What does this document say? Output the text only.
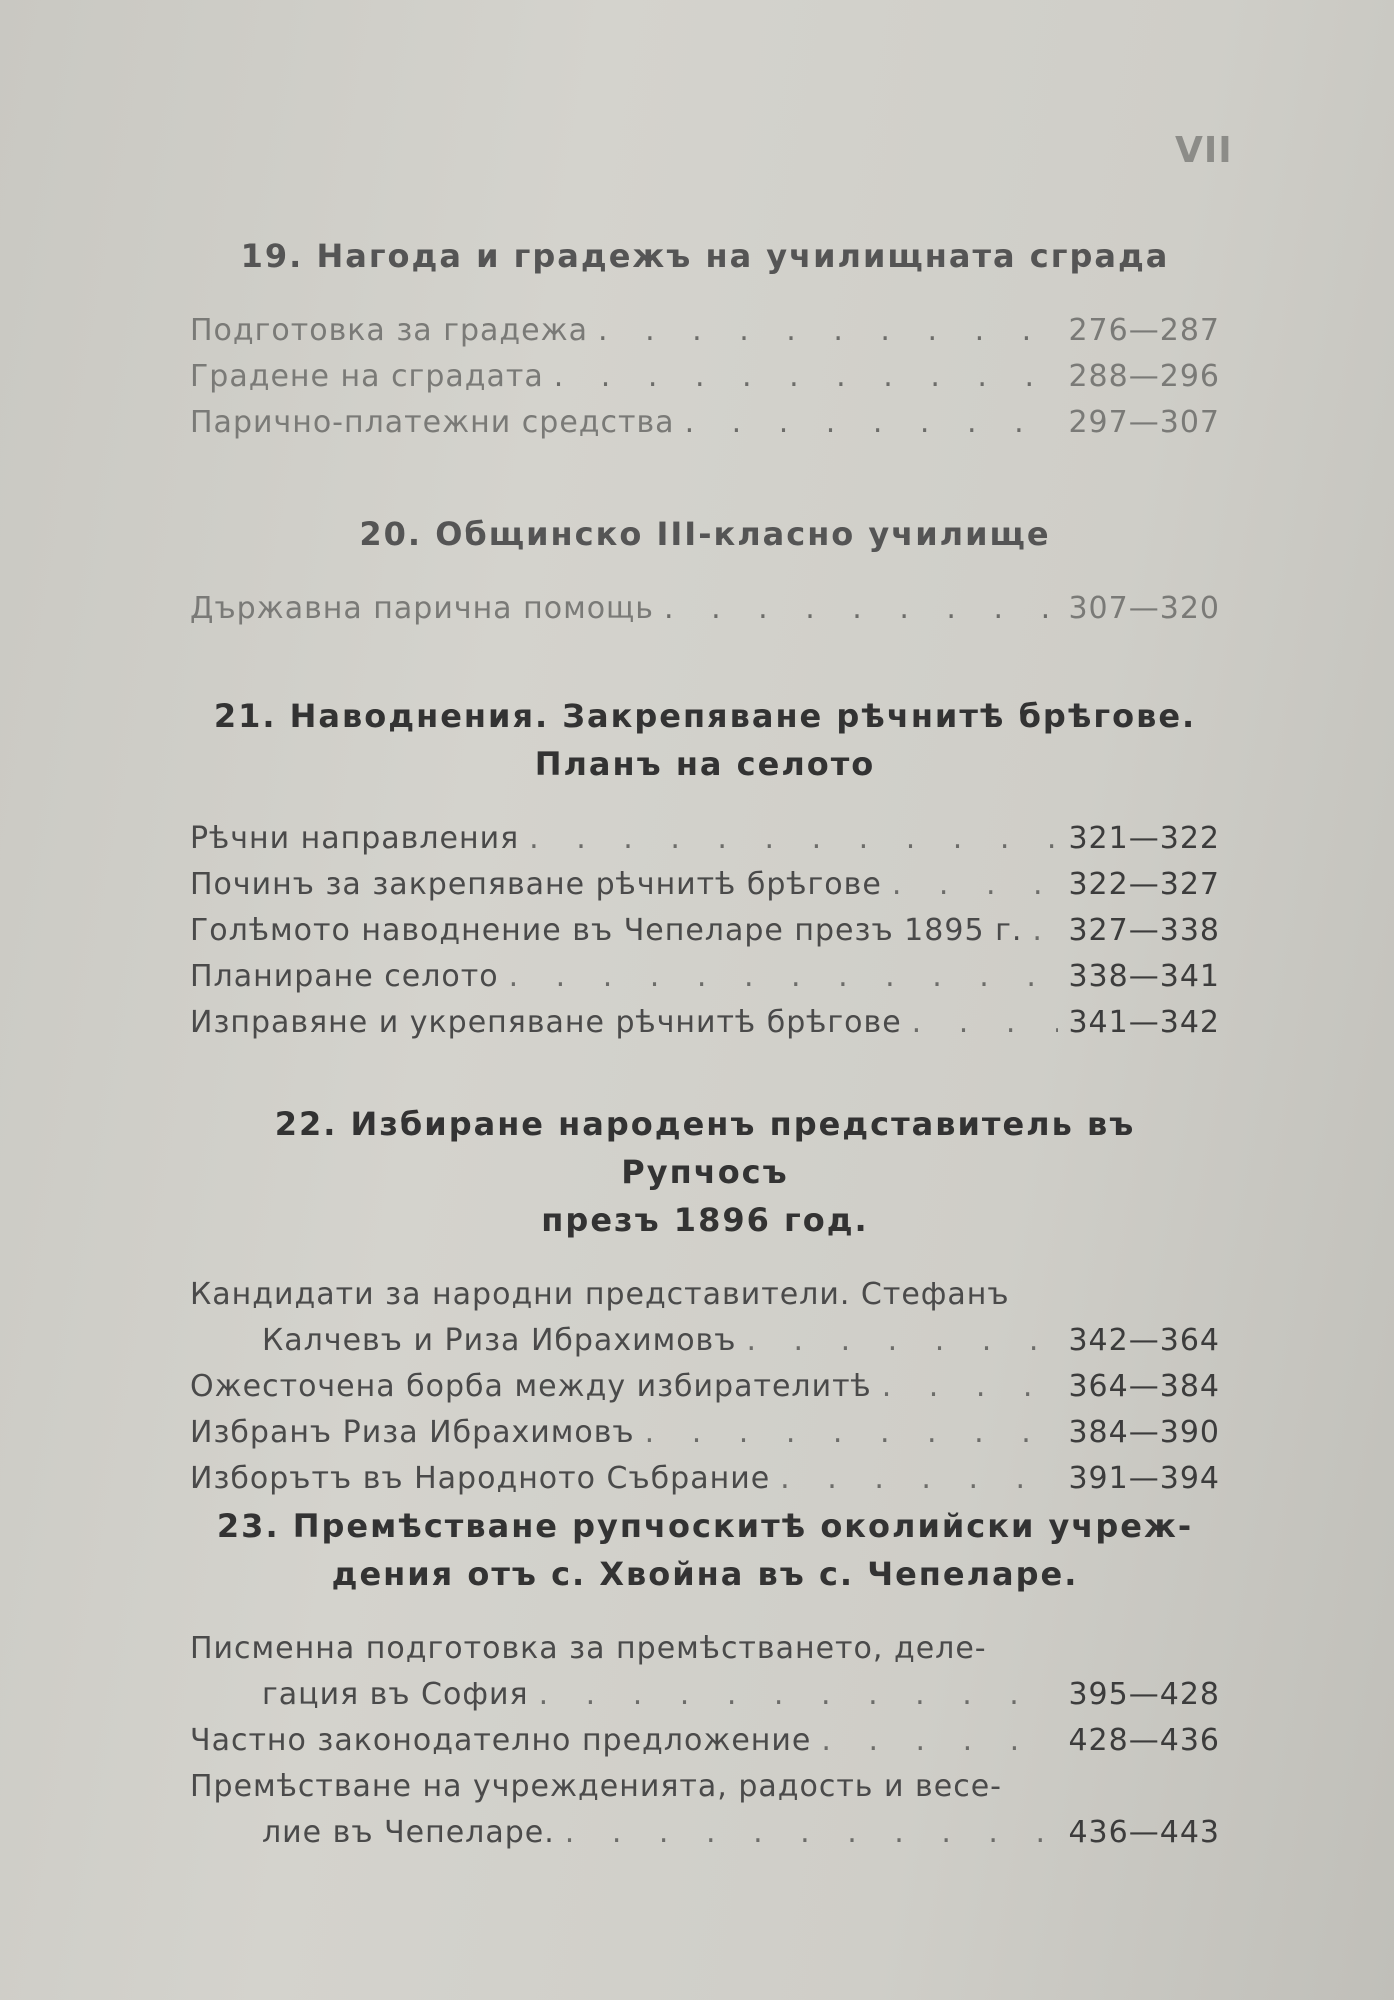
VII

19. Нагода и градежъ на училищната сграда

Подготовка за градежа . . .	276—287
Градене на сградата . . .	288—296
Парично-платежни средства . . .	297—307

20. Общинско III-класно училище

Държавна парична помощь . . .	307—320

21. Наводнения. Закрепяване рѣчнитѣ брѣгове.
Планъ на селото

Рѣчни направления . . .	321—322
Починъ за закрепяване рѣчнитѣ брѣгове . . .	322—327
Голѣмото наводнение въ Чепеларе презъ 1895 г. . . . 327—338
Планиране селото . . .	338—341
Изправяне и укрепяване рѣчнитѣ брѣгове . . .	341—342

22. Избиране народенъ представитель въ Рупчосъ
презъ 1896 год.

Кандидати за народни представители. Стефанъ
Калчевъ и Риза Ибрахимовъ . . .	342—364
Ожесточена борба между избирателитѣ . . .	364—384
Избранъ Риза Ибрахимовъ . . .	384—390
Изборътъ въ Народното Събрание . . .	391—394

23. Премѣстване рупчоскитѣ околийски учреж-
дения отъ с. Хвойна въ с. Чепеларе.

Писменна подготовка за премѣстването, деле-
гация въ София . . .	395—428
Частно законодателно предложение . . .	428—436
Премѣстване на учрежденията, радость и весе-
лие въ Чепеларе. . . .	436—443
